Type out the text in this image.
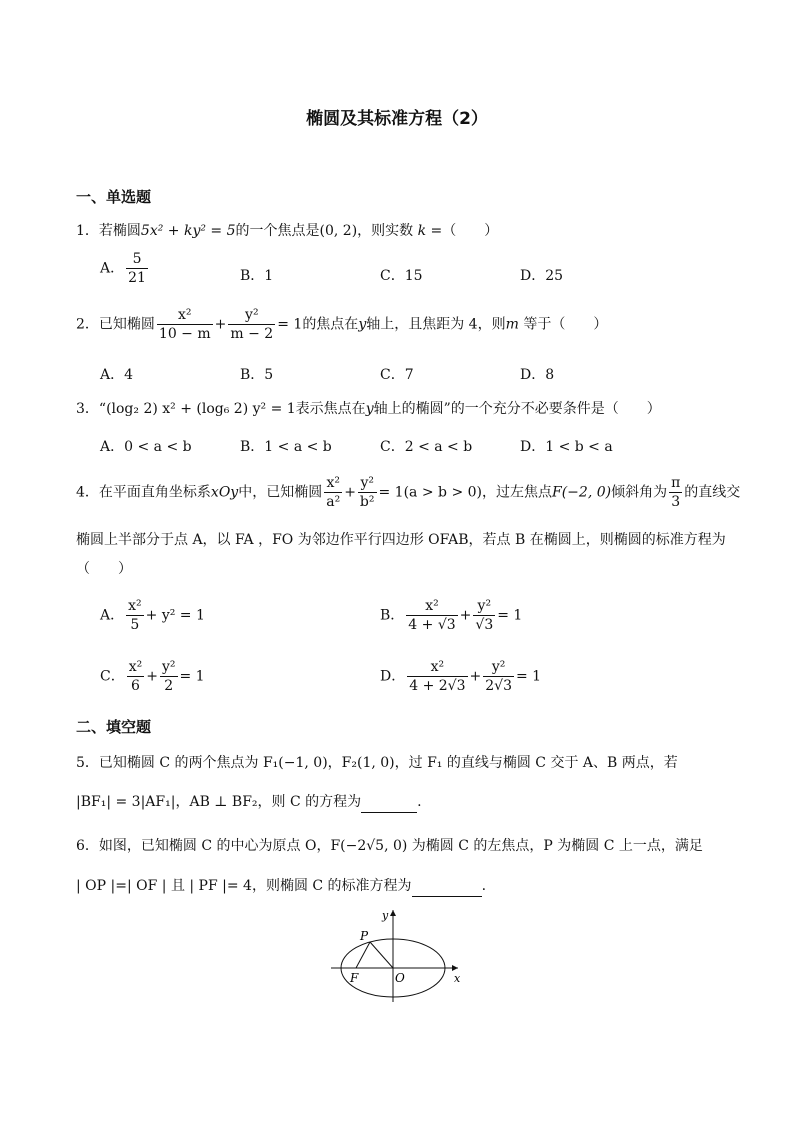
椭圆及其标准方程（2）
一、单选题
1．若椭圆5x² + ky² = 5的一个焦点是(0, 2)，则实数 k =（　　）
A． $\frac{5}{21}$	B．1	C．15	D．25
2．已知椭圆 $\frac{\text{x²}}{10 - m} + \frac{\text{y²}}{m - 2} = 1$的焦点在y轴上，且焦距为 4，则m 等于（　　）
A．4	B．5	C．7	D．8
3．“(log₂ 2) x² + (log₆ 2) y² = 1表示焦点在y轴上的椭圆”的一个充分不必要条件是（　　）
A．0 < a < b	B．1 < a < b	C．2 < a < b	D．1 < b < a
4．在平面直角坐标系xOy中，已知椭圆 $\frac{\text{x²}}{\text{a²}} + \frac{\text{y²}}{\text{b²}} = 1(a > b > 0)$，过左焦点F(−2, 0)倾斜角为 $\frac{\pi}{3}$ 的直线交
椭圆上半部分于点 A，以 FA ，FO 为邻边作平行四边形 OFAB，若点 B 在椭圆上，则椭圆的标准方程为
（　　）
A． $\frac{\text{x²}}{5} + y^2 = 1$	B． $\frac{\text{x²}}{4 + √3} + \frac{\text{y²}}{√3} = 1$
C． $\frac{\text{x²}}{6} + \frac{\text{y²}}{2} = 1$	D． $\frac{\text{x²}}{4 + 2√3} + \frac{\text{y²}}{2√3} = 1$
二、填空题
5．已知椭圆 C 的两个焦点为 F₁(−1, 0)，F₂(1, 0)，过 F₁ 的直线与椭圆 C 交于 A、B 两点，若
|BF₁| = 3|AF₁|，AB ⊥ BF₂，则 C 的方程为	.
6．如图，已知椭圆 C 的中心为原点 O，F(−2√5, 0) 为椭圆 C 的左焦点，P 为椭圆 C 上一点，满足
| OP |=| OF | 且 | PF |= 4，则椭圆 C 的标准方程为	.
y
x
P
F	O
